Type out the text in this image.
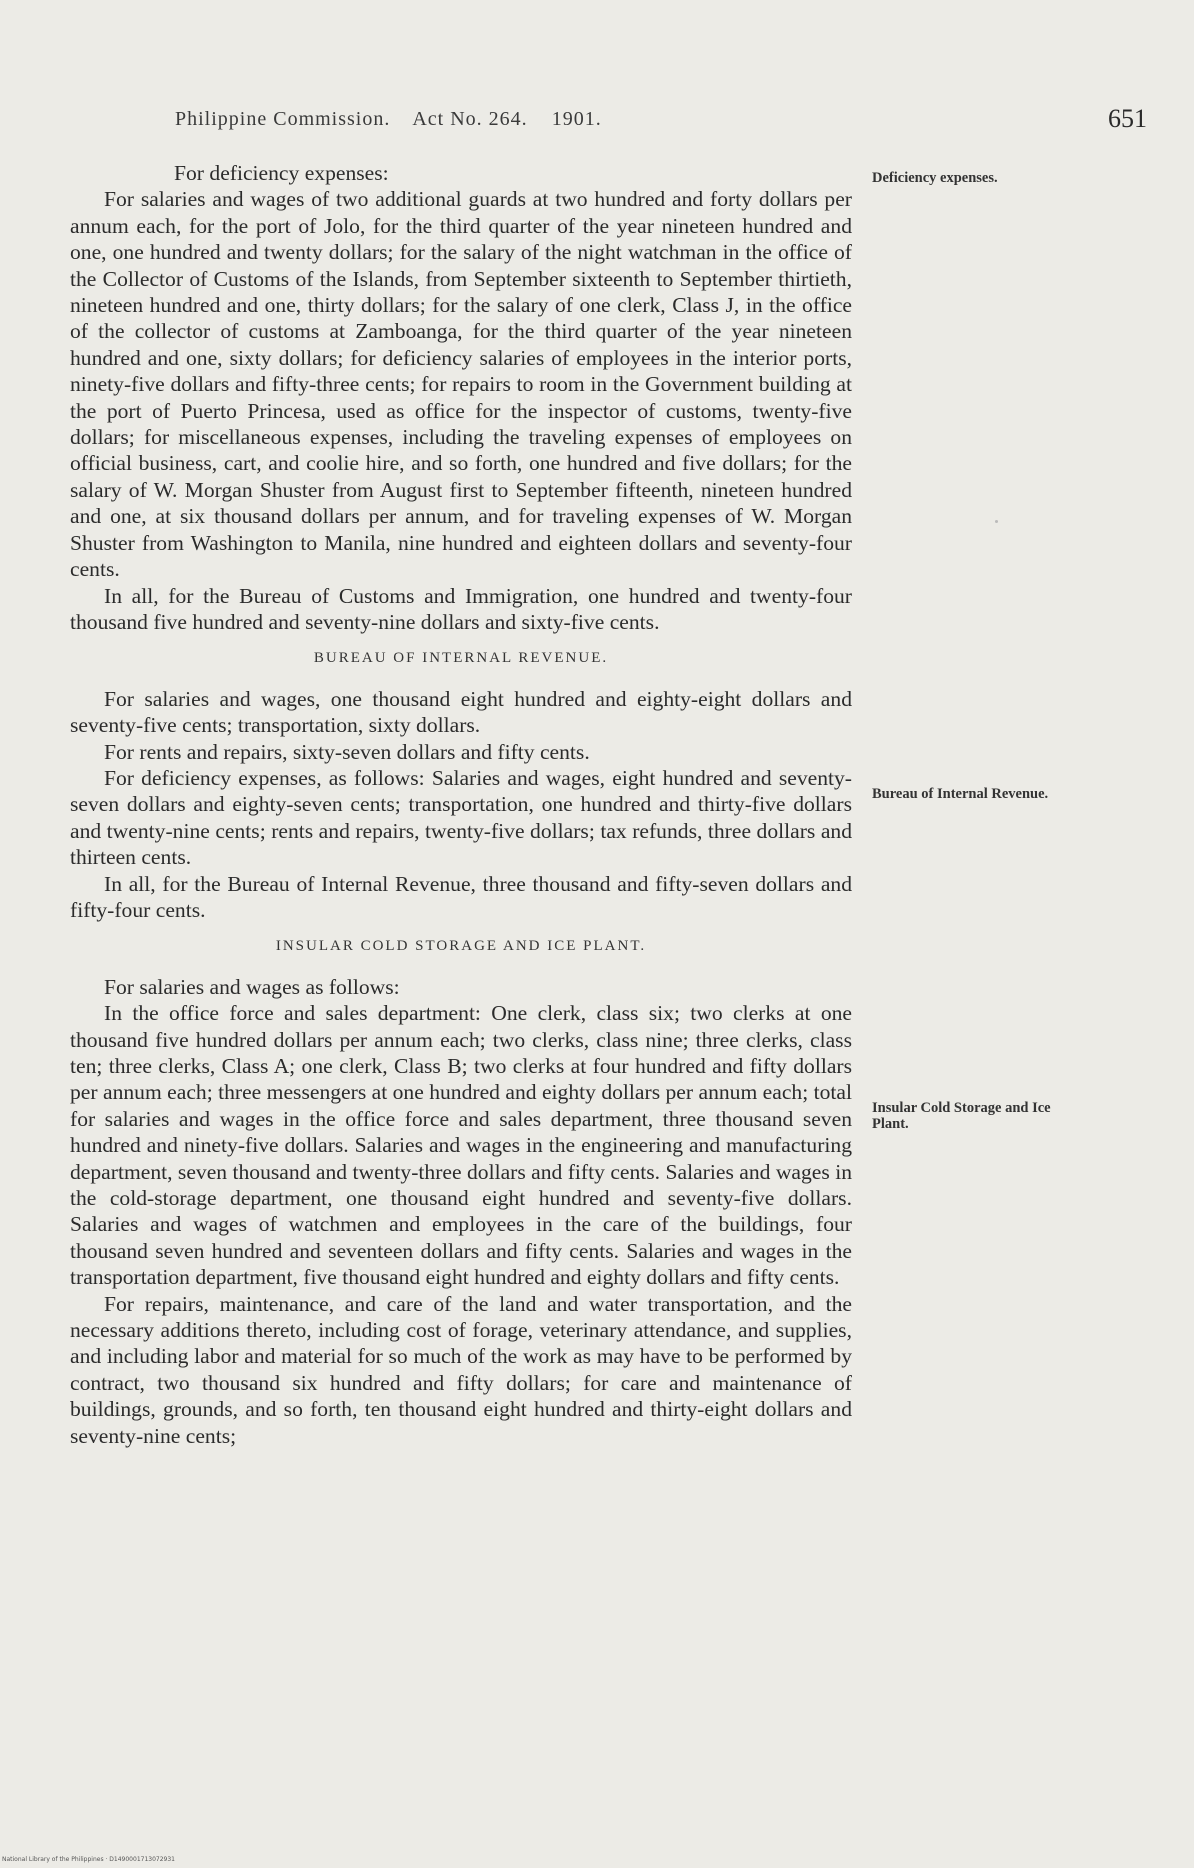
Philippine Commission. Act No. 264. 1901.	651
Deficiency expenses.
Bureau of Internal Revenue.
Insular Cold Storage and Ice Plant.

For deficiency expenses:

For salaries and wages of two additional guards at two hundred and forty dollars per annum each, for the port of Jolo, for the third quarter of the year nineteen hundred and one, one hundred and twenty dollars; for the salary of the night watchman in the office of the Collector of Customs of the Islands, from September sixteenth to September thirtieth, nineteen hundred and one, thirty dollars; for the salary of one clerk, Class J, in the office of the collector of customs at Zamboanga, for the third quarter of the year nineteen hundred and one, sixty dollars; for deficiency salaries of employees in the interior ports, ninety-five dollars and fifty-three cents; for repairs to room in the Government building at the port of Puerto Princesa, used as office for the inspector of customs, twenty-five dollars; for miscellaneous expenses, including the traveling expenses of employees on official business, cart, and coolie hire, and so forth, one hundred and five dollars; for the salary of W. Morgan Shuster from August first to September fifteenth, nineteen hundred and one, at six thousand dollars per annum, and for traveling expenses of W. Morgan Shuster from Washington to Manila, nine hundred and eighteen dollars and seventy-four cents.

In all, for the Bureau of Customs and Immigration, one hundred and twenty-four thousand five hundred and seventy-nine dollars and sixty-five cents.

BUREAU OF INTERNAL REVENUE.

For salaries and wages, one thousand eight hundred and eighty-eight dollars and seventy-five cents; transportation, sixty dollars.

For rents and repairs, sixty-seven dollars and fifty cents.

For deficiency expenses, as follows: Salaries and wages, eight hundred and seventy-seven dollars and eighty-seven cents; transportation, one hundred and thirty-five dollars and twenty-nine cents; rents and repairs, twenty-five dollars; tax refunds, three dollars and thirteen cents.

In all, for the Bureau of Internal Revenue, three thousand and fifty-seven dollars and fifty-four cents.

INSULAR COLD STORAGE AND ICE PLANT.

For salaries and wages as follows:

In the office force and sales department: One clerk, class six; two clerks at one thousand five hundred dollars per annum each; two clerks, class nine; three clerks, class ten; three clerks, Class A; one clerk, Class B; two clerks at four hundred and fifty dollars per annum each; three messengers at one hundred and eighty dollars per annum each; total for salaries and wages in the office force and sales department, three thousand seven hundred and ninety-five dollars. Salaries and wages in the engineering and manufacturing department, seven thousand and twenty-three dollars and fifty cents. Salaries and wages in the cold-storage department, one thousand eight hundred and seventy-five dollars. Salaries and wages of watchmen and employees in the care of the buildings, four thousand seven hundred and seventeen dollars and fifty cents. Salaries and wages in the transportation department, five thousand eight hundred and eighty dollars and fifty cents.

For repairs, maintenance, and care of the land and water transportation, and the necessary additions thereto, including cost of forage, veterinary attendance, and supplies, and including labor and material for so much of the work as may have to be performed by contract, two thousand six hundred and fifty dollars; for care and maintenance of buildings, grounds, and so forth, ten thousand eight hundred and thirty-eight dollars and seventy-nine cents;

National Library of the Philippines · D1490001713072931
